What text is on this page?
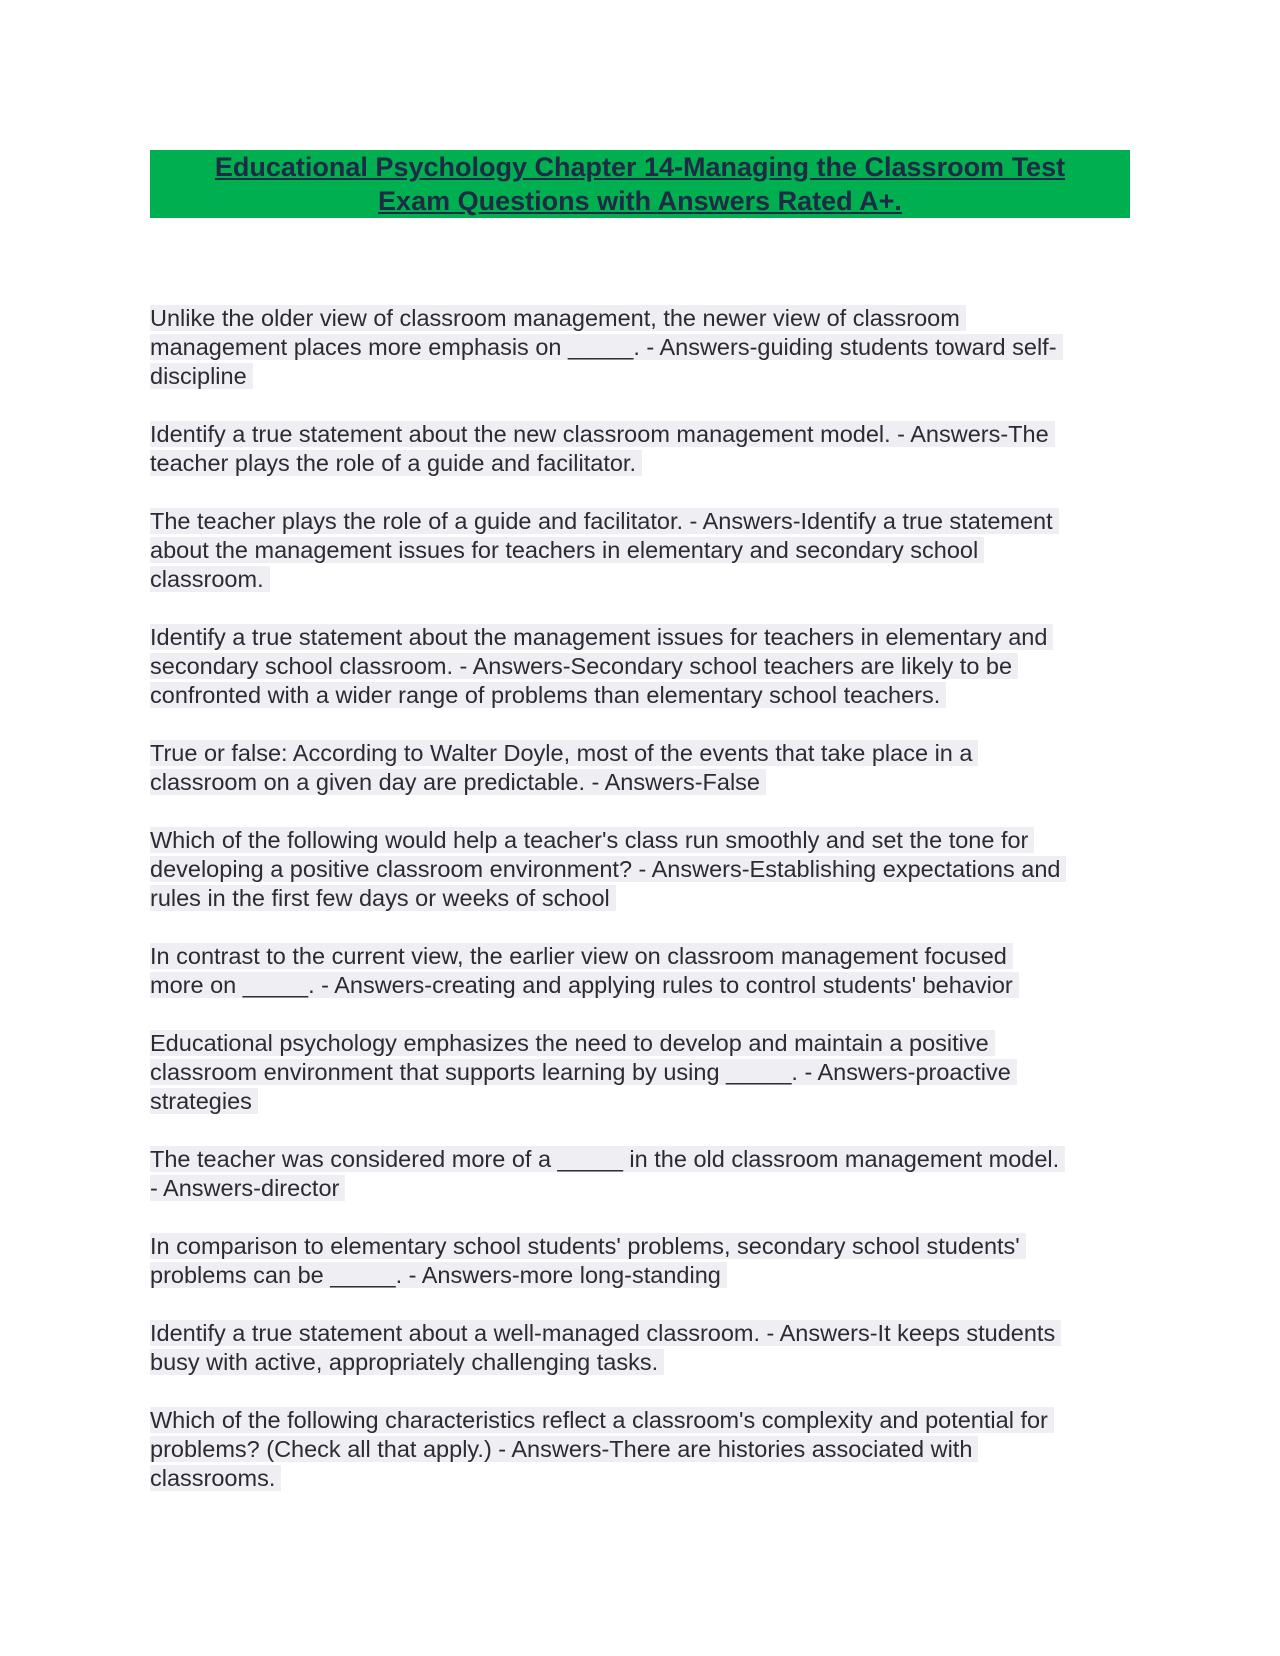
Educational Psychology Chapter 14-Managing the Classroom Test
Exam Questions with Answers Rated A+.
Unlike the older view of classroom management, the newer view of classroom
management places more emphasis on _____. - Answers-guiding students toward self-
discipline
Identify a true statement about the new classroom management model. - Answers-The
teacher plays the role of a guide and facilitator.
The teacher plays the role of a guide and facilitator. - Answers-Identify a true statement
about the management issues for teachers in elementary and secondary school
classroom.
Identify a true statement about the management issues for teachers in elementary and
secondary school classroom. - Answers-Secondary school teachers are likely to be
confronted with a wider range of problems than elementary school teachers.
True or false: According to Walter Doyle, most of the events that take place in a
classroom on a given day are predictable. - Answers-False
Which of the following would help a teacher's class run smoothly and set the tone for
developing a positive classroom environment? - Answers-Establishing expectations and
rules in the first few days or weeks of school
In contrast to the current view, the earlier view on classroom management focused
more on _____. - Answers-creating and applying rules to control students' behavior
Educational psychology emphasizes the need to develop and maintain a positive
classroom environment that supports learning by using _____. - Answers-proactive
strategies
The teacher was considered more of a _____ in the old classroom management model.
- Answers-director
In comparison to elementary school students' problems, secondary school students'
problems can be _____. - Answers-more long-standing
Identify a true statement about a well-managed classroom. - Answers-It keeps students
busy with active, appropriately challenging tasks.
Which of the following characteristics reflect a classroom's complexity and potential for
problems? (Check all that apply.) - Answers-There are histories associated with
classrooms.
